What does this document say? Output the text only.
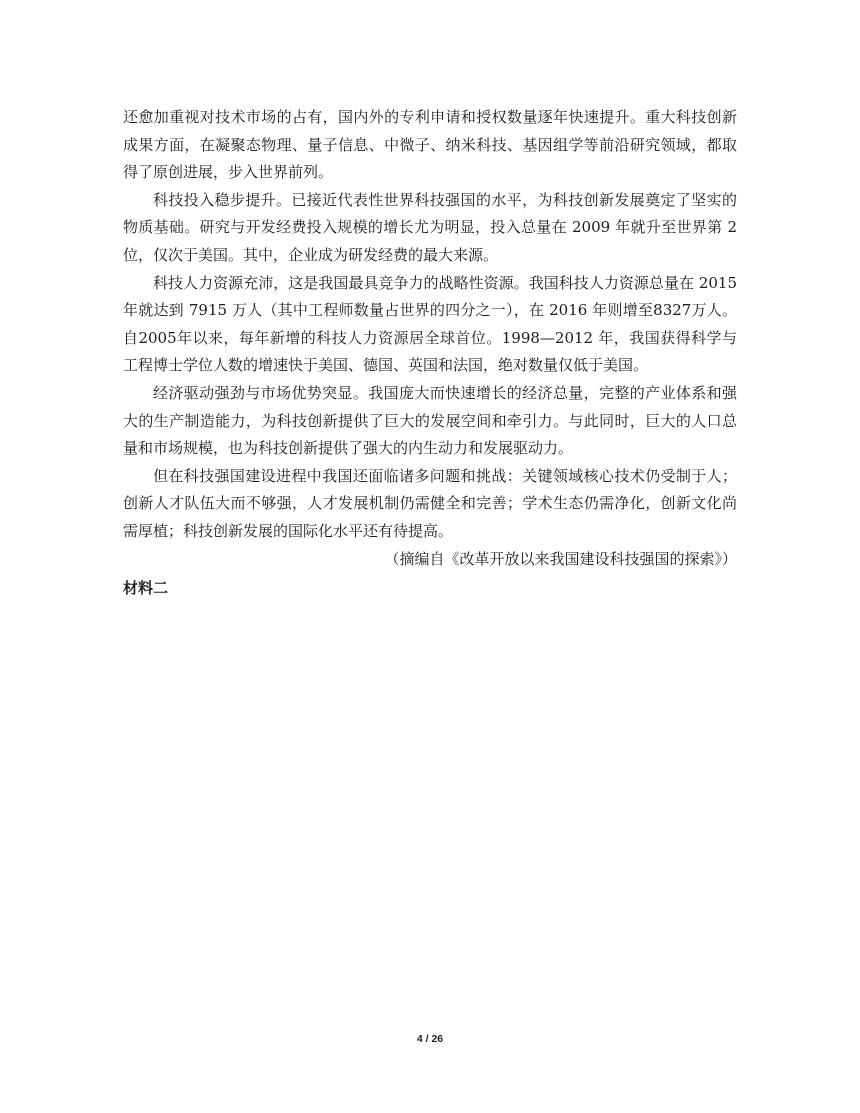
还愈加重视对技术市场的占有，国内外的专利申请和授权数量逐年快速提升。重大科技创新成果方面，在凝聚态物理、量子信息、中微子、纳米科技、基因组学等前沿研究领域，都取得了原创进展，步入世界前列。

科技投入稳步提升。已接近代表性世界科技强国的水平，为科技创新发展奠定了坚实的物质基础。研究与开发经费投入规模的增长尤为明显，投入总量在 2009 年就升至世界第 2 位，仅次于美国。其中，企业成为研发经费的最大来源。

科技人力资源充沛，这是我国最具竞争力的战略性资源。我国科技人力资源总量在 2015 年就达到 7915 万人（其中工程师数量占世界的四分之一），在 2016 年则增至8327万人。自2005年以来，每年新增的科技人力资源居全球首位。1998—2012 年，我国获得科学与工程博士学位人数的增速快于美国、德国、英国和法国，绝对数量仅低于美国。

经济驱动强劲与市场优势突显。我国庞大而快速增长的经济总量，完整的产业体系和强大的生产制造能力，为科技创新提供了巨大的发展空间和牵引力。与此同时，巨大的人口总量和市场规模，也为科技创新提供了强大的内生动力和发展驱动力。

但在科技强国建设进程中我国还面临诸多问题和挑战：关键领域核心技术仍受制于人；创新人才队伍大而不够强，人才发展机制仍需健全和完善；学术生态仍需净化，创新文化尚需厚植；科技创新发展的国际化水平还有待提高。

（摘编自《改革开放以来我国建设科技强国的探索》）

材料二

4 / 26
